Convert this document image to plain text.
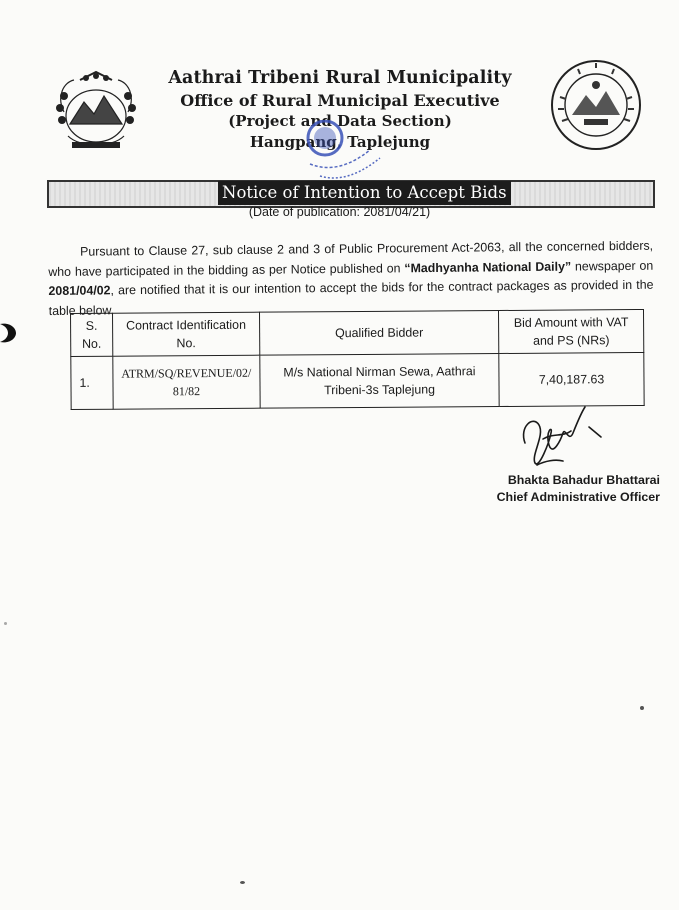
Aathrai Tribeni Rural Municipality

Office of Rural Municipal Executive

(Project and Data Section)

Hangpang, Taplejung

Notice of Intention to Accept Bids
(Date of publication: 2081/04/21)

Pursuant to Clause 27, sub clause 2 and 3 of Public Procurement Act-2063, all the concerned bidders, who have participated in the bidding as per Notice published on “Madhyanha National Daily” newspaper on 2081/04/02, are notified that it is our intention to accept the bids for the contract packages as provided in the table below.

S. No.	Contract Identification No.	Qualified Bidder	Bid Amount with VAT and PS (NRs)
1.	ATRM/SQ/REVENUE/02/ 81/82	M/s National Nirman Sewa, Aathrai Tribeni-3s Taplejung	7,40,187.63
Bhakta Bahadur Bhattarai
Chief Administrative Officer
